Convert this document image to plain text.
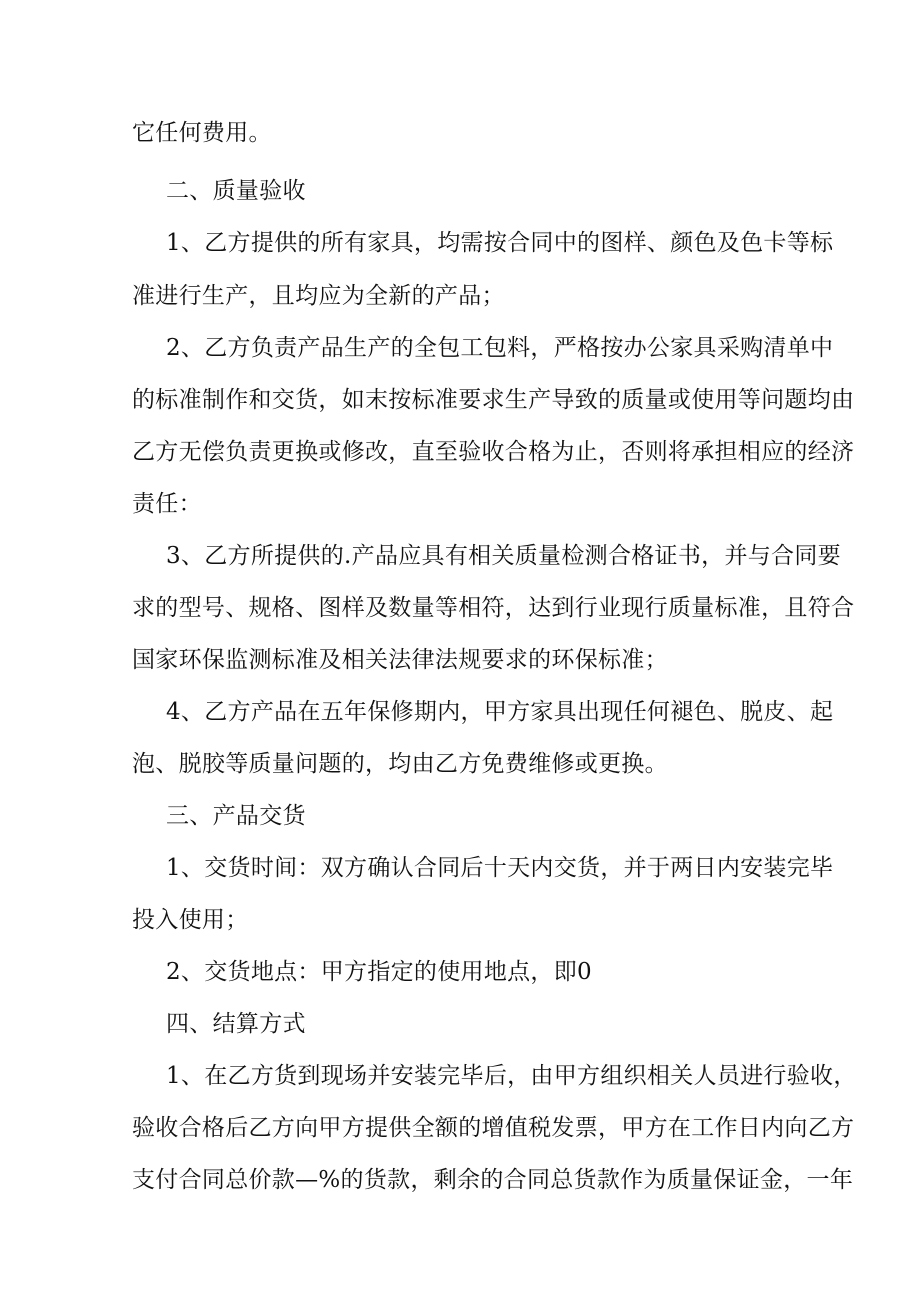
它任何费用。
二、质量验收
1、乙方提供的所有家具，均需按合同中的图样、颜色及色卡等标
准进行生产，且均应为全新的产品；
2、乙方负责产品生产的全包工包料，严格按办公家具采购清单中
的标准制作和交货，如末按标准要求生产导致的质量或使用等问题均由
乙方无偿负责更换或修改，直至验收合格为止，否则将承担相应的经济
责任：
3、乙方所提供的.产品应具有相关质量检测合格证书，并与合同要
求的型号、规格、图样及数量等相符，达到行业现行质量标准，且符合
国家环保监测标准及相关法律法规要求的环保标准；
4、乙方产品在五年保修期内，甲方家具出现任何褪色、脱皮、起
泡、脱胶等质量问题的，均由乙方免费维修或更换。
三、产品交货
1、交货时间：双方确认合同后十天内交货，并于两日内安装完毕
投入使用；
2、交货地点：甲方指定的使用地点，即0
四、结算方式
1、在乙方货到现场并安装完毕后，由甲方组织相关人员进行验收，
验收合格后乙方向甲方提供全额的增值税发票，甲方在工作日内向乙方
支付合同总价款—%的货款，剩余的合同总货款作为质量保证金，一年
